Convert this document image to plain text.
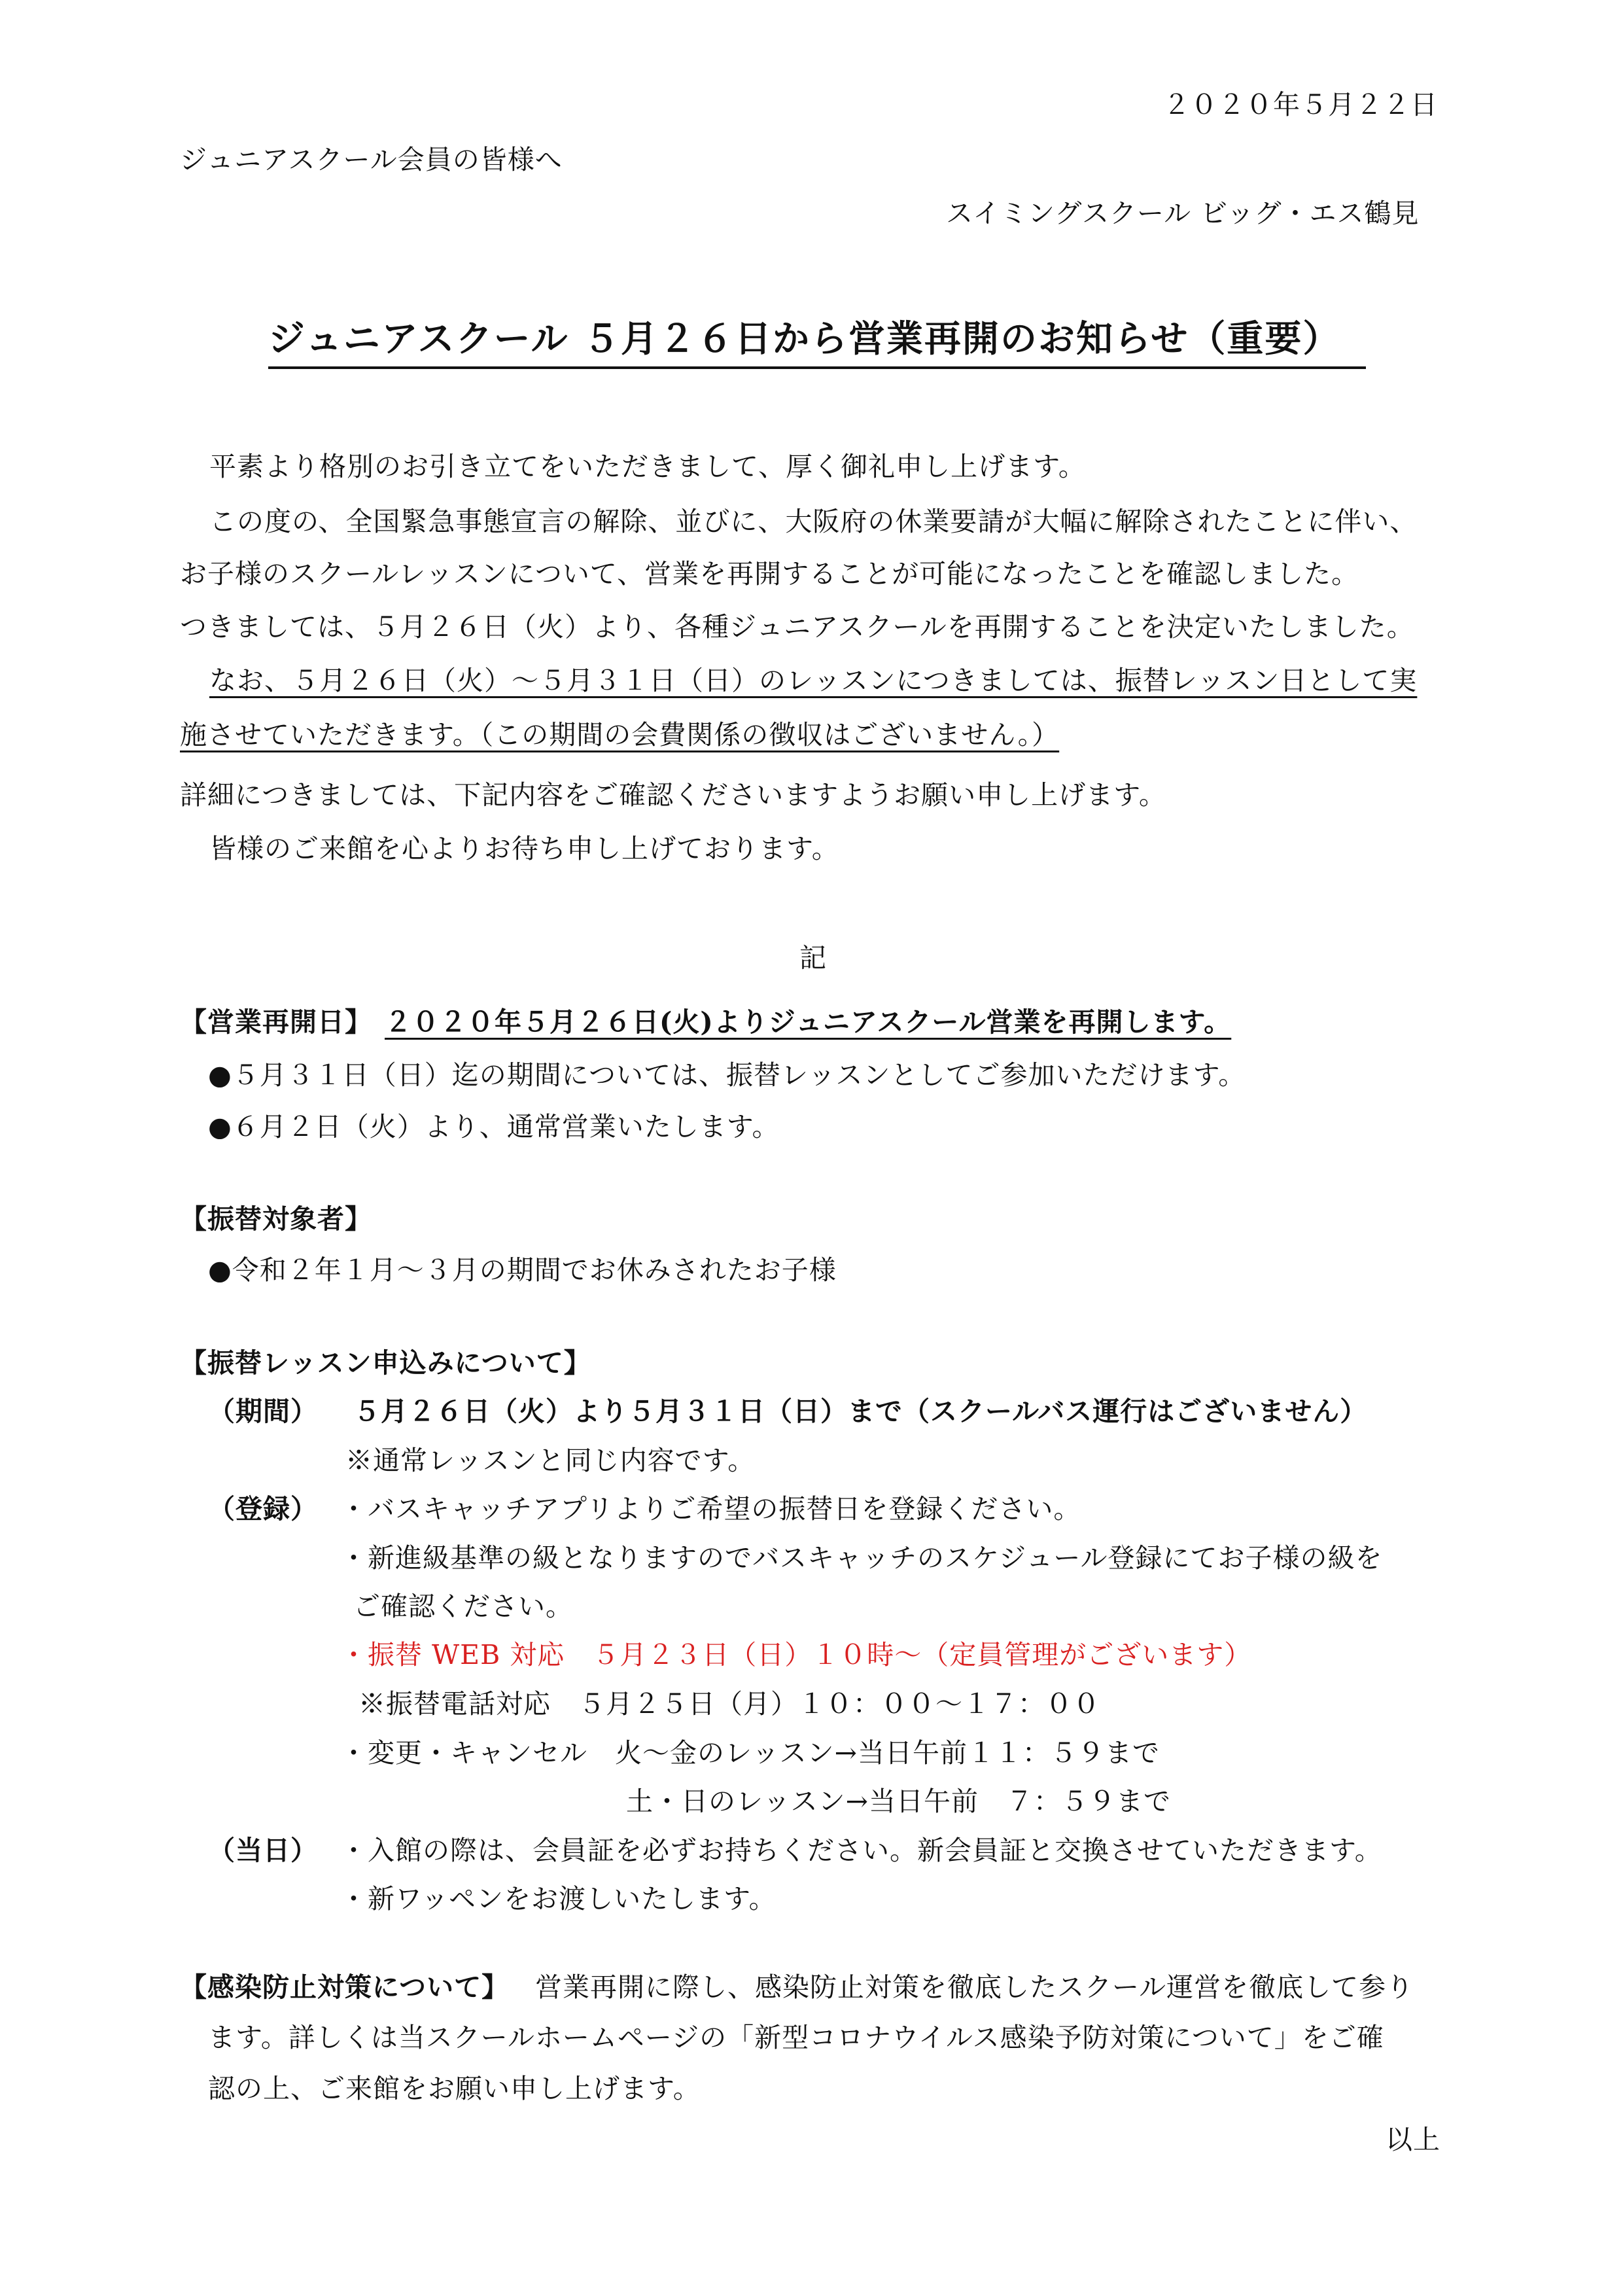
２０２０年５月２２日
ジュニアスクール会員の皆様へ
スイミングスクール ビッグ・エス鶴見
ジュニアスクール ５月２６日から営業再開のお知らせ（重要）
平素より格別のお引き立てをいただきまして、厚く御礼申し上げます。
この度の、全国緊急事態宣言の解除、並びに、大阪府の休業要請が大幅に解除されたことに伴い、
お子様のスクールレッスンについて、営業を再開することが可能になったことを確認しました。
つきましては、５月２６日（火）より、各種ジュニアスクールを再開することを決定いたしました。
なお、５月２６日（火）～５月３１日（日）のレッスンにつきましては、振替レッスン日として実
施させていただきます。（この期間の会費関係の徴収はございません。）
詳細につきましては、下記内容をご確認くださいますようお願い申し上げます。
皆様のご来館を心よりお待ち申し上げております。
記
【営業再開日】 ２０２０年５月２６日(火)よりジュニアスクール営業を再開します。
●５月３１日（日）迄の期間については、振替レッスンとしてご参加いただけます。
●６月２日（火）より、通常営業いたします。
【振替対象者】
●令和２年１月～３月の期間でお休みされたお子様
【振替レッスン申込みについて】
（期間） ５月２６日（火）より５月３１日（日）まで（スクールバス運行はございません）
※通常レッスンと同じ内容です。
（登録） ・バスキャッチアプリよりご希望の振替日を登録ください。
・新進級基準の級となりますのでバスキャッチのスケジュール登録にてお子様の級を
ご確認ください。
・振替 WEB 対応　５月２３日（日）１０時～（定員管理がございます）
※振替電話対応　５月２５日（月）１０：００～１７：００
・変更・キャンセル　火～金のレッスン→当日午前１１：５９まで
土・日のレッスン→当日午前　７：５９まで
（当日） ・入館の際は、会員証を必ずお持ちください。新会員証と交換させていただきます。
・新ワッペンをお渡しいたします。
【感染防止対策について】 営業再開に際し、感染防止対策を徹底したスクール運営を徹底して参り
ます。詳しくは当スクールホームページの「新型コロナウイルス感染予防対策について」をご確
認の上、ご来館をお願い申し上げます。
以上
